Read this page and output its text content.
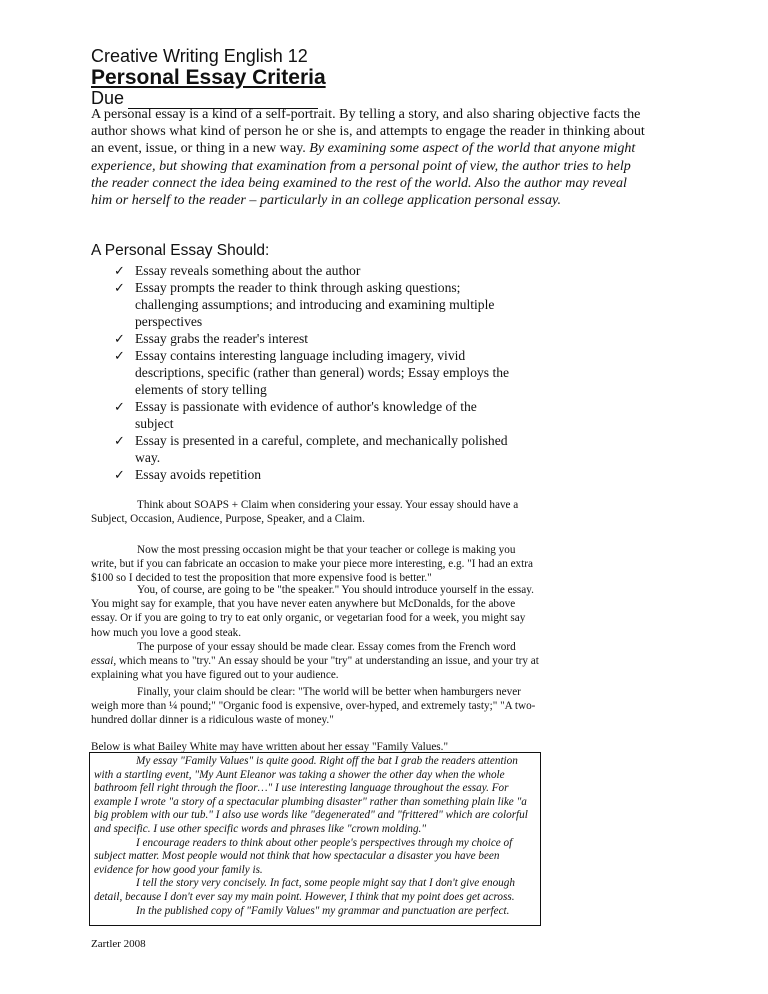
Creative Writing English 12
Personal Essay Criteria
Due
A personal essay is a kind of a self-portrait. By telling a story, and also sharing objective facts the author shows what kind of person he or she is, and attempts to engage the reader in thinking about an event, issue, or thing in a new way. By examining some aspect of the world that anyone might experience, but showing that examination from a personal point of view, the author tries to help the reader connect the idea being examined to the rest of the world. Also the author may reveal him or herself to the reader – particularly in an college application personal essay.
A Personal Essay Should:
✓ Essay reveals something about the author
✓ Essay prompts the reader to think through asking questions; challenging assumptions; and introducing and examining multiple perspectives
✓ Essay grabs the reader's interest
✓ Essay contains interesting language including imagery, vivid descriptions, specific (rather than general) words; Essay employs the elements of story telling
✓ Essay is passionate with evidence of author's knowledge of the subject
✓ Essay is presented in a careful, complete, and mechanically polished way.
✓ Essay avoids repetition

Think about SOAPS + Claim when considering your essay. Your essay should have a Subject, Occasion, Audience, Purpose, Speaker, and a Claim.

Now the most pressing occasion might be that your teacher or college is making you write, but if you can fabricate an occasion to make your piece more interesting, e.g. "I had an extra $100 so I decided to test the proposition that more expensive food is better."

You, of course, are going to be "the speaker." You should introduce yourself in the essay. You might say for example, that you have never eaten anywhere but McDonalds, for the above essay. Or if you are going to try to eat only organic, or vegetarian food for a week, you might say how much you love a good steak.

The purpose of your essay should be made clear. Essay comes from the French word essai, which means to "try." An essay should be your "try" at understanding an issue, and your try at explaining what you have figured out to your audience.

Finally, your claim should be clear: "The world will be better when hamburgers never weigh more than ¼ pound;" "Organic food is expensive, over-hyped, and extremely tasty;" "A two-hundred dollar dinner is a ridiculous waste of money."

Below is what Bailey White may have written about her essay "Family Values."

My essay "Family Values" is quite good. Right off the bat I grab the readers attention with a startling event, "My Aunt Eleanor was taking a shower the other day when the whole bathroom fell right through the floor…" I use interesting language throughout the essay. For example I wrote "a story of a spectacular plumbing disaster" rather than something plain like "a big problem with our tub." I also use words like "degenerated" and "frittered" which are colorful and specific. I use other specific words and phrases like "crown molding."

I encourage readers to think about other people's perspectives through my choice of subject matter. Most people would not think that how spectacular a disaster you have been evidence for how good your family is.

I tell the story very concisely. In fact, some people might say that I don't give enough detail, because I don't ever say my main point. However, I think that my point does get across.

In the published copy of "Family Values" my grammar and punctuation are perfect.

Zartler 2008
